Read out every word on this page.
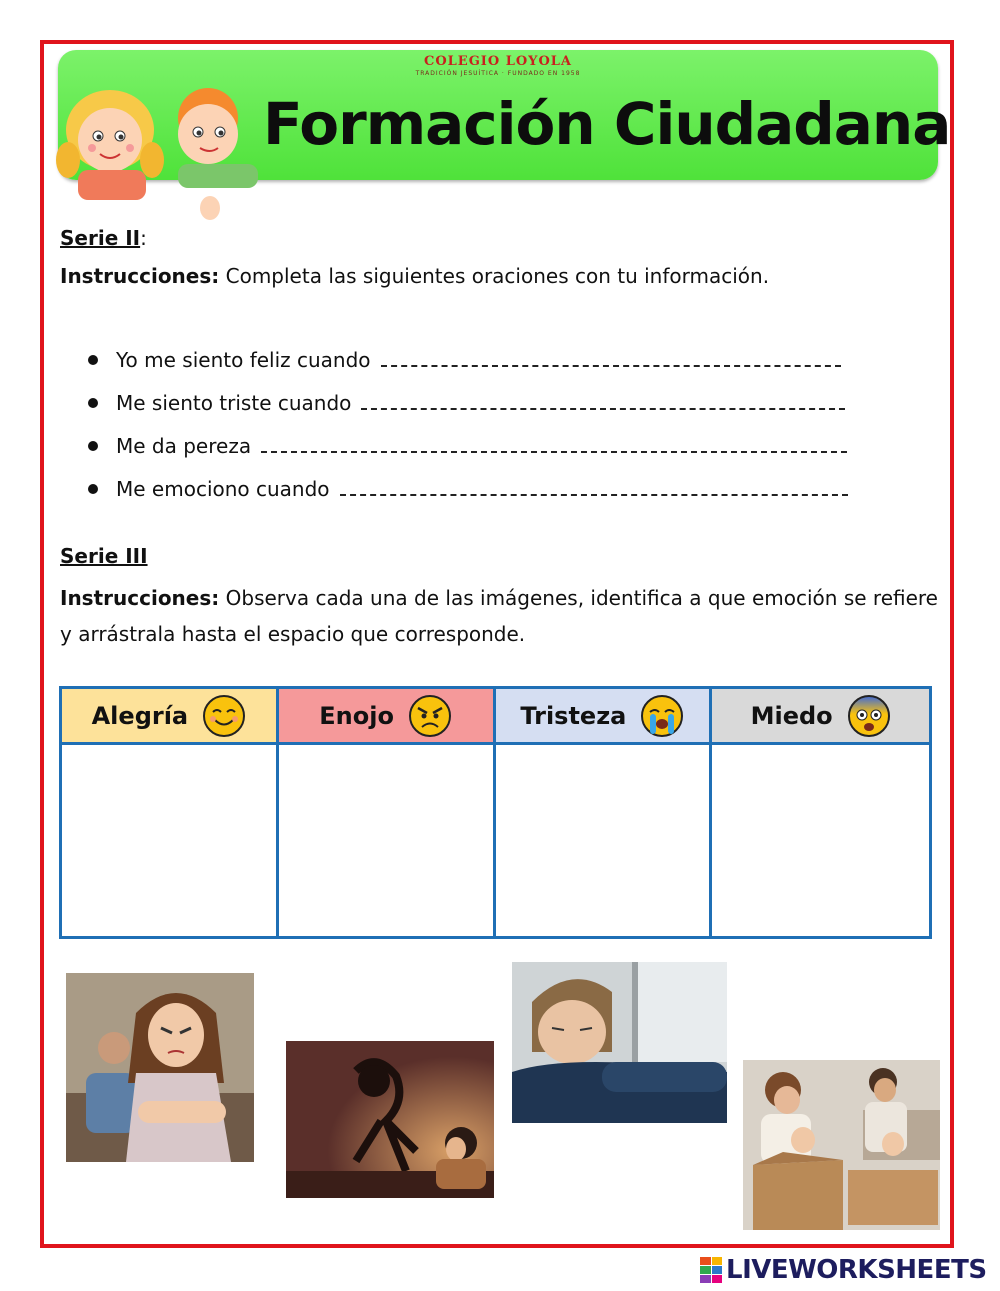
COLEGIO LOYOLA
TRADICIÓN JESUÍTICA · FUNDADO EN 1958
Formación Ciudadana
Serie II:
Instrucciones: Completa las siguientes oraciones con tu información.
Yo me siento feliz cuando
Me siento triste cuando
Me da pereza
Me emociono cuando
Serie III
Instrucciones: Observa cada una de las imágenes, identifica a que emoción se refiere y arrástrala hasta el espacio que corresponde.
Alegría	Enojo	Tristeza	Miedo
LIVEWORKSHEETS
